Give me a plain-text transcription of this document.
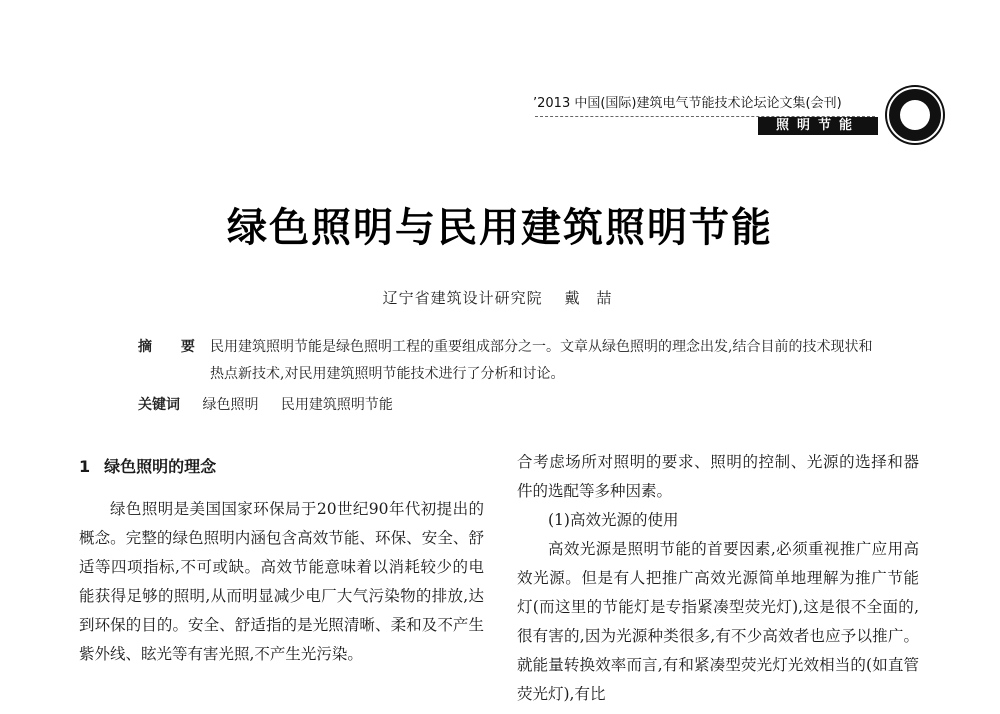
’2013 中国(国际)建筑电气节能技术论坛论文集(会刊)
照明节能
绿色照明与民用建筑照明节能
辽宁省建筑设计研究院 戴 喆
摘 要 民用建筑照明节能是绿色照明工程的重要组成部分之一。文章从绿色照明的理念出发,结合目前的技术现状和热点新技术,对民用建筑照明节能技术进行了分析和讨论。
关键词 绿色照明 民用建筑照明节能
1 绿色照明的理念

绿色照明是美国国家环保局于20世纪90年代初提出的概念。完整的绿色照明内涵包含高效节能、环保、安全、舒适等四项指标,不可或缺。高效节能意味着以消耗较少的电能获得足够的照明,从而明显减少电厂大气污染物的排放,达到环保的目的。安全、舒适指的是光照清晰、柔和及不产生紫外线、眩光等有害光照,不产生光污染。

合考虑场所对照明的要求、照明的控制、光源的选择和器件的选配等多种因素。

(1)高效光源的使用

高效光源是照明节能的首要因素,必须重视推广应用高效光源。但是有人把推广高效光源简单地理解为推广节能灯(而这里的节能灯是专指紧凑型荧光灯),这是很不全面的,很有害的,因为光源种类很多,有不少高效者也应予以推广。就能量转换效率而言,有和紧凑型荧光灯光效相当的(如直管荧光灯),有比
